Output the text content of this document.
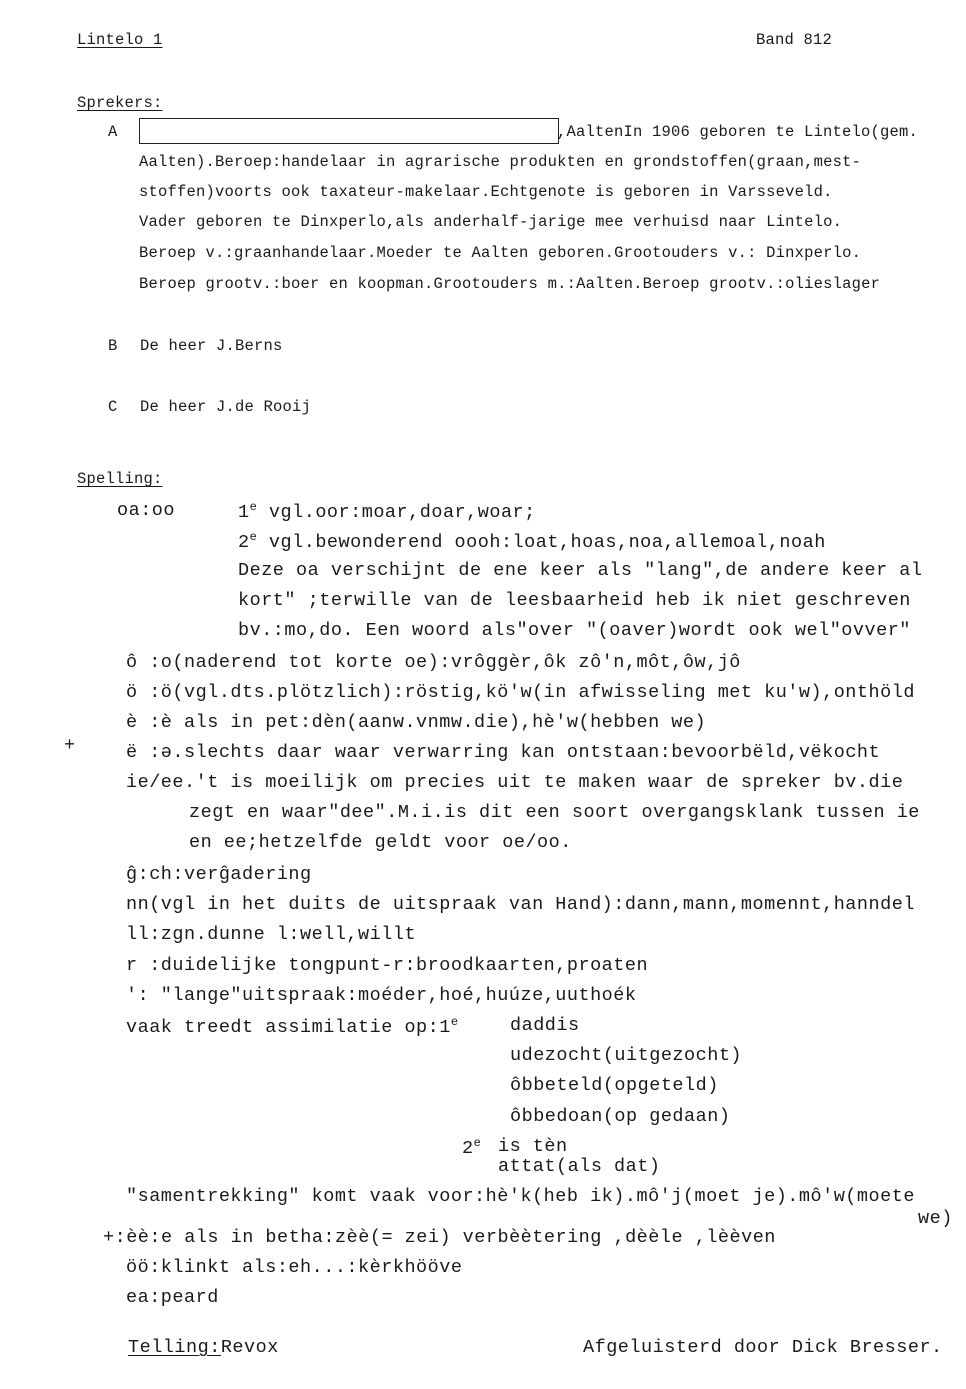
Lintelo 1	Band 812
Sprekers:
A	,AaltenIn 1906 geboren te Lintelo(gem.
Aalten).Beroep:handelaar in agrarische produkten en grondstoffen(graan,mest-
stoffen)voorts ook taxateur-makelaar.Echtgenote is geboren in Varsseveld.
Vader geboren te Dinxperlo,als anderhalf-jarige mee verhuisd naar Lintelo.
Beroep v.:graanhandelaar.Moeder te Aalten geboren.Grootouders v.: Dinxperlo.
Beroep grootv.:boer en koopman.Grootouders m.:Aalten.Beroep grootv.:olieslager
B De heer J.Berns
C De heer J.de Rooij
Spelling:
oa:oo	1e vgl.oor:moar,doar,woar;
2e vgl.bewonderend oooh:loat,hoas,noa,allemoal,noah
Deze oa verschijnt de ene keer als "lang",de andere keer al
kort" ;terwille van de leesbaarheid heb ik niet geschreven
bv.:mo,do. Een woord als"over "(oaver)wordt ook wel"ovver"
ô :o(naderend tot korte oe):vrôggèr,ôk zô'n,môt,ôw,jô
ö :ö(vgl.dts.plötzlich):röstig,kö'w(in afwisseling met ku'w),onthöld
è :è als in pet:dèn(aanw.vnmw.die),hè'w(hebben we)
+	ë :ə.slechts daar waar verwarring kan ontstaan:bevoorbëld,vëkocht
ie/ee.'t is moeilijk om precies uit te maken waar de spreker bv.die
zegt en waar"dee".M.i.is dit een soort overgangsklank tussen ie
en ee;hetzelfde geldt voor oe/oo.
ĝ:ch:verĝadering
nn(vgl in het duits de uitspraak van Hand):dann,mann,momennt,hanndel
ll:zgn.dunne l:well,willt
r :duidelijke tongpunt-r:broodkaarten,proaten
': "lange"uitspraak:moéder,hoé,huúze,uuthoék
vaak treedt assimilatie op:1e	daddis
udezocht(uitgezocht)
ôbbeteld(opgeteld)
ôbbedoan(op gedaan)
2e is tèn
attat(als dat)
"samentrekking" komt vaak voor:hè'k(heb ik).mô'j(moet je).mô'w(moete
we)
+:èè:e als in betha:zèè(= zei) verbèètering ,dèèle ,lèèven
öö:klinkt als:eh...:kèrkhööve
ea:peard
Telling:Revox	Afgeluisterd door Dick Bresser.
